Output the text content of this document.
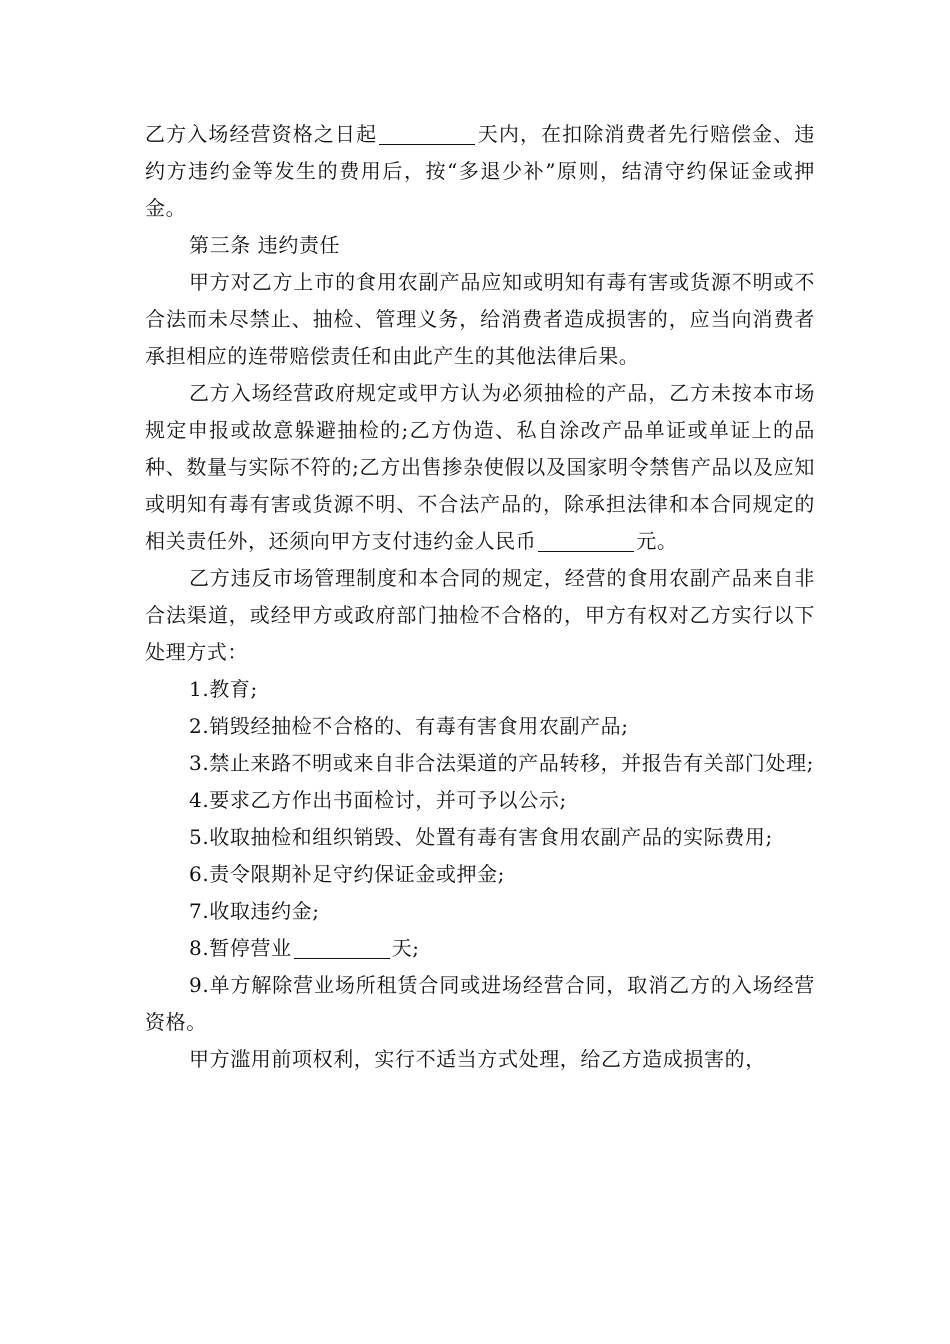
乙方入场经营资格之日起	天内，在扣除消费者先行赔偿金、违约方违约金等发生的费用后，按“多退少补”原则，结清守约保证金或押金。

第三条 违约责任

甲方对乙方上市的食用农副产品应知或明知有毒有害或货源不明或不合法而未尽禁止、抽检、管理义务，给消费者造成损害的，应当向消费者承担相应的连带赔偿责任和由此产生的其他法律后果。

乙方入场经营政府规定或甲方认为必须抽检的产品，乙方未按本市场规定申报或故意躲避抽检的;乙方伪造、私自涂改产品单证或单证上的品种、数量与实际不符的;乙方出售掺杂使假以及国家明令禁售产品以及应知或明知有毒有害或货源不明、不合法产品的，除承担法律和本合同规定的相关责任外，还须向甲方支付违约金人民币	元。

乙方违反市场管理制度和本合同的规定，经营的食用农副产品来自非合法渠道，或经甲方或政府部门抽检不合格的，甲方有权对乙方实行以下处理方式：

1.教育;

2.销毁经抽检不合格的、有毒有害食用农副产品;

3.禁止来路不明或来自非合法渠道的产品转移，并报告有关部门处理;

4.要求乙方作出书面检讨，并可予以公示;

5.收取抽检和组织销毁、处置有毒有害食用农副产品的实际费用;

6.责令限期补足守约保证金或押金;

7.收取违约金;

8.暂停营业	天;

9.单方解除营业场所租赁合同或进场经营合同，取消乙方的入场经营资格。

甲方滥用前项权利，实行不适当方式处理，给乙方造成损害的，
